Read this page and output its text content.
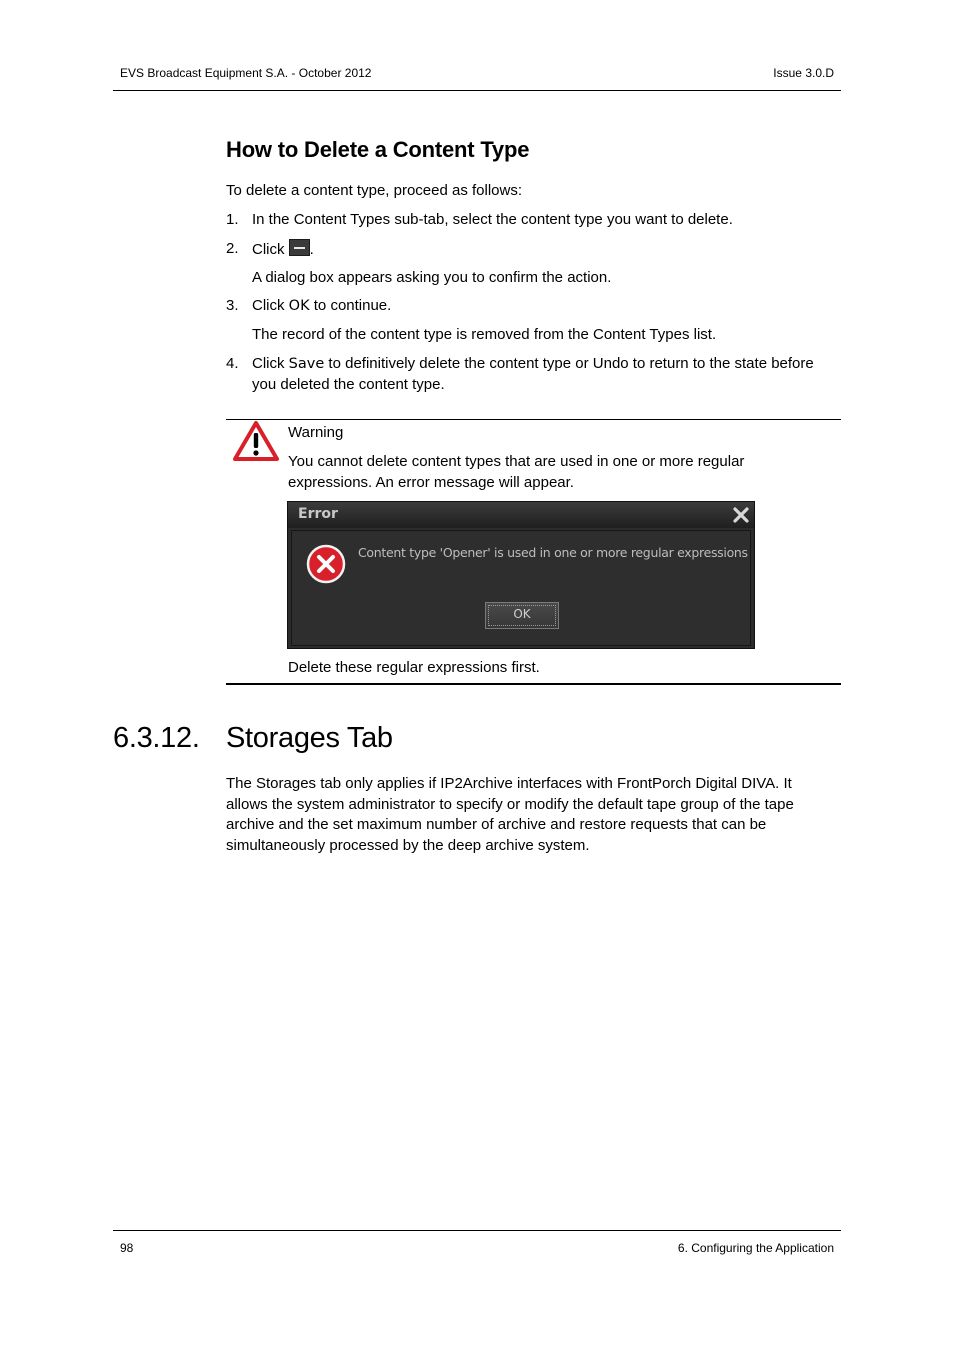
EVS Broadcast Equipment S.A. - October 2012	Issue 3.0.D
How to Delete a Content Type

To delete a content type, proceed as follows:

1. In the Content Types sub-tab, select the content type you want to delete.
2. Click .
A dialog box appears asking you to confirm the action.
3. Click OK to continue.
The record of the content type is removed from the Content Types list.
4. Click Save to definitively delete the content type or Undo to return to the state before you deleted the content type.
Warning
You cannot delete content types that are used in one or more regular expressions. An error message will appear.
Error
Content type 'Opener' is used in one or more regular expressions
OK
Delete these regular expressions first.
6.3.12. Storages Tab

The Storages tab only applies if IP2Archive interfaces with FrontPorch Digital DIVA. It allows the system administrator to specify or modify the default tape group of the tape archive and the set maximum number of archive and restore requests that can be simultaneously processed by the deep archive system.

98	6. Configuring the Application
